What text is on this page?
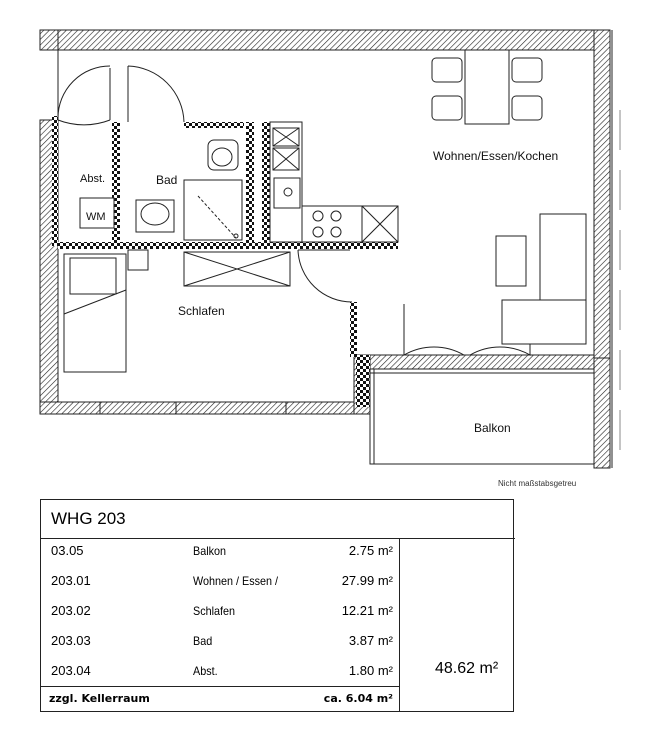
WM
Abst.	Bad
Wohnen/Essen/Kochen
Schlafen
Balkon
Nicht maßstabsgetreu
WHG 203
03.05	Balkon	2.75 m²
203.01	Wohnen / Essen /	27.99 m²
203.02	Schlafen	12.21 m²
203.03	Bad	3.87 m²
203.04	Abst.	1.80 m²	48.62 m²
zzgl. Kellerraum	ca. 6.04 m²
